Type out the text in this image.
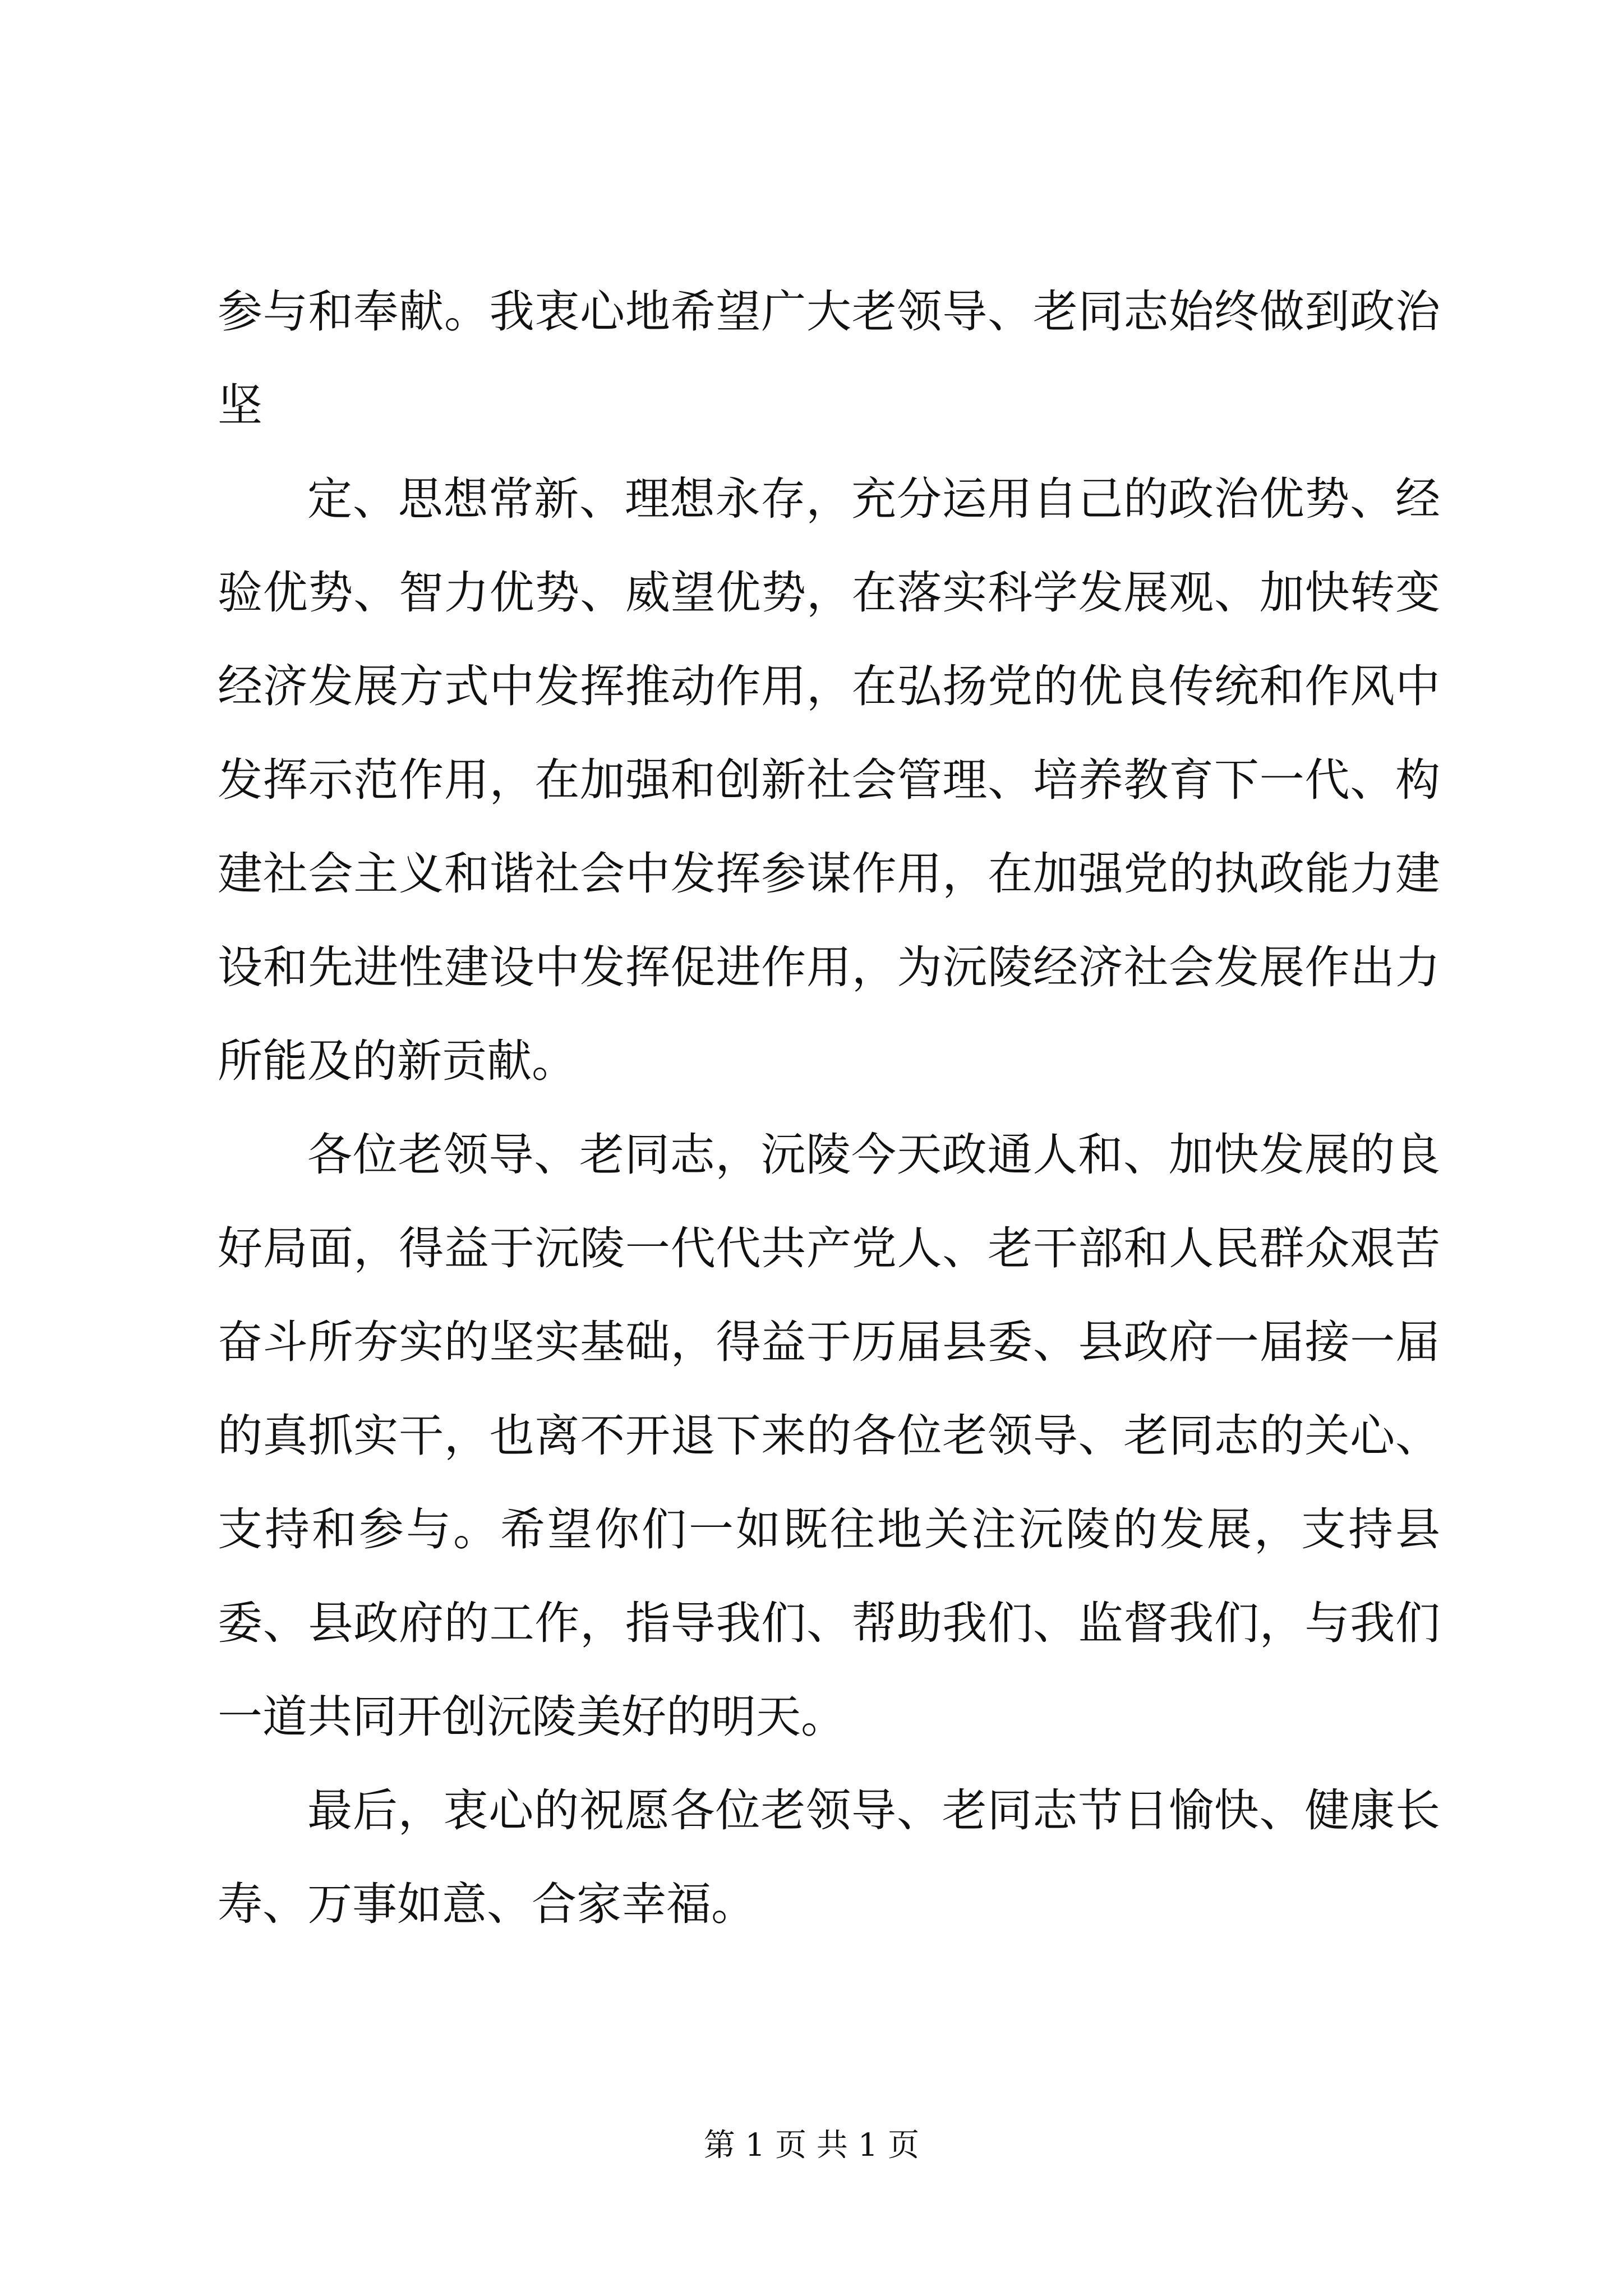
参与和奉献。我衷心地希望广大老领导、老同志始终做到政治坚

定、思想常新、理想永存，充分运用自己的政治优势、经验优势、智力优势、威望优势，在落实科学发展观、加快转变经济发展方式中发挥推动作用，在弘扬党的优良传统和作风中发挥示范作用，在加强和创新社会管理、培养教育下一代、构建社会主义和谐社会中发挥参谋作用，在加强党的执政能力建设和先进性建设中发挥促进作用，为沅陵经济社会发展作出力所能及的新贡献。

各位老领导、老同志，沅陵今天政通人和、加快发展的良好局面，得益于沅陵一代代共产党人、老干部和人民群众艰苦奋斗所夯实的坚实基础，得益于历届县委、县政府一届接一届的真抓实干，也离不开退下来的各位老领导、老同志的关心、支持和参与。希望你们一如既往地关注沅陵的发展，支持县委、县政府的工作，指导我们、帮助我们、监督我们，与我们一道共同开创沅陵美好的明天。

最后，衷心的祝愿各位老领导、老同志节日愉快、健康长寿、万事如意、合家幸福。

第 1 页 共 1 页
